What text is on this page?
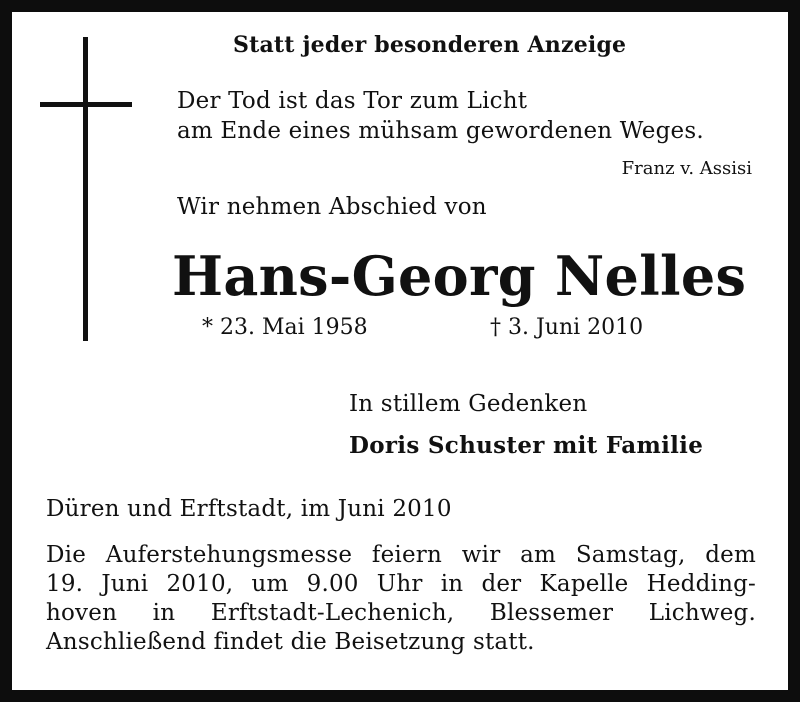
Statt jeder besonderen Anzeige
Der Tod ist das Tor zum Licht
am Ende eines mühsam gewordenen Weges.
Franz v. Assisi
Wir nehmen Abschied von
Hans-Georg Nelles
* 23. Mai 1958	† 3. Juni 2010
In stillem Gedenken
Doris Schuster mit Familie
Düren und Erftstadt, im Juni 2010
Die Auferstehungsmesse feiern wir am Samstag, dem
19. Juni 2010, um 9.00 Uhr in der Kapelle Hedding-
hoven in Erftstadt-Lechenich, Blessemer Lichweg.
Anschließend findet die Beisetzung statt.
